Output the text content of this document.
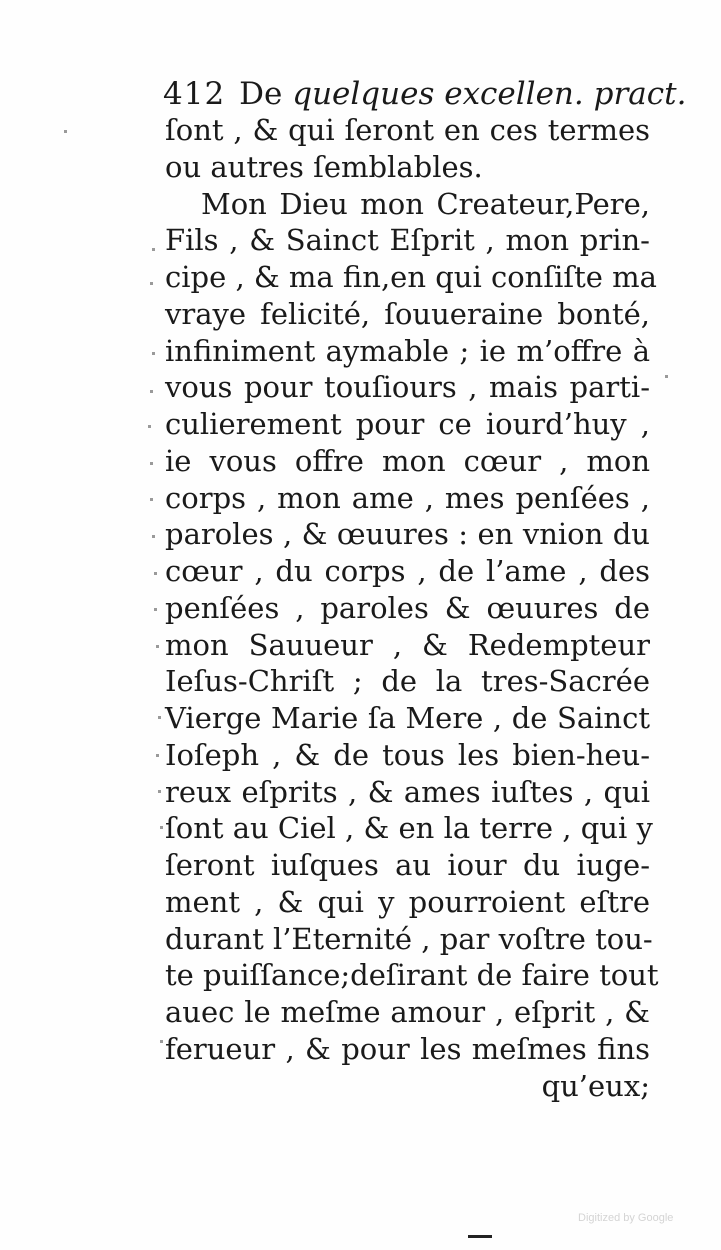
412 De quelques excellen. pract.
ſont , & qui ſeront en ces termes
ou autres ſemblables.
Mon Dieu mon Createur,Pere,
Fils , & Sainct Eſprit , mon prin-
cipe , & ma fin,en qui conſiſte ma
vraye felicité, ſouueraine bonté,
infiniment aymable ; ie m’offre à
vous pour touſiours , mais parti-
culierement pour ce iourd’huy ,
ie vous offre mon cœur , mon
corps , mon ame , mes penſées ,
paroles , & œuures : en vnion du
cœur , du corps , de l’ame , des
penſées , paroles & œuures de
mon Sauueur , & Redempteur
Ieſus-Chriſt ; de la tres-Sacrée
Vierge Marie ſa Mere , de Sainct
Ioſeph , & de tous les bien-heu-
reux eſprits , & ames iuſtes , qui
ſont au Ciel , & en la terre , qui y
ſeront iuſques au iour du iuge-
ment , & qui y pourroient eſtre
durant l’Eternité , par voſtre tou-
te puiſſance;deſirant de faire tout
auec le meſme amour , eſprit , &
ferueur , & pour les meſmes fins
qu’eux;
Digitized by Google
